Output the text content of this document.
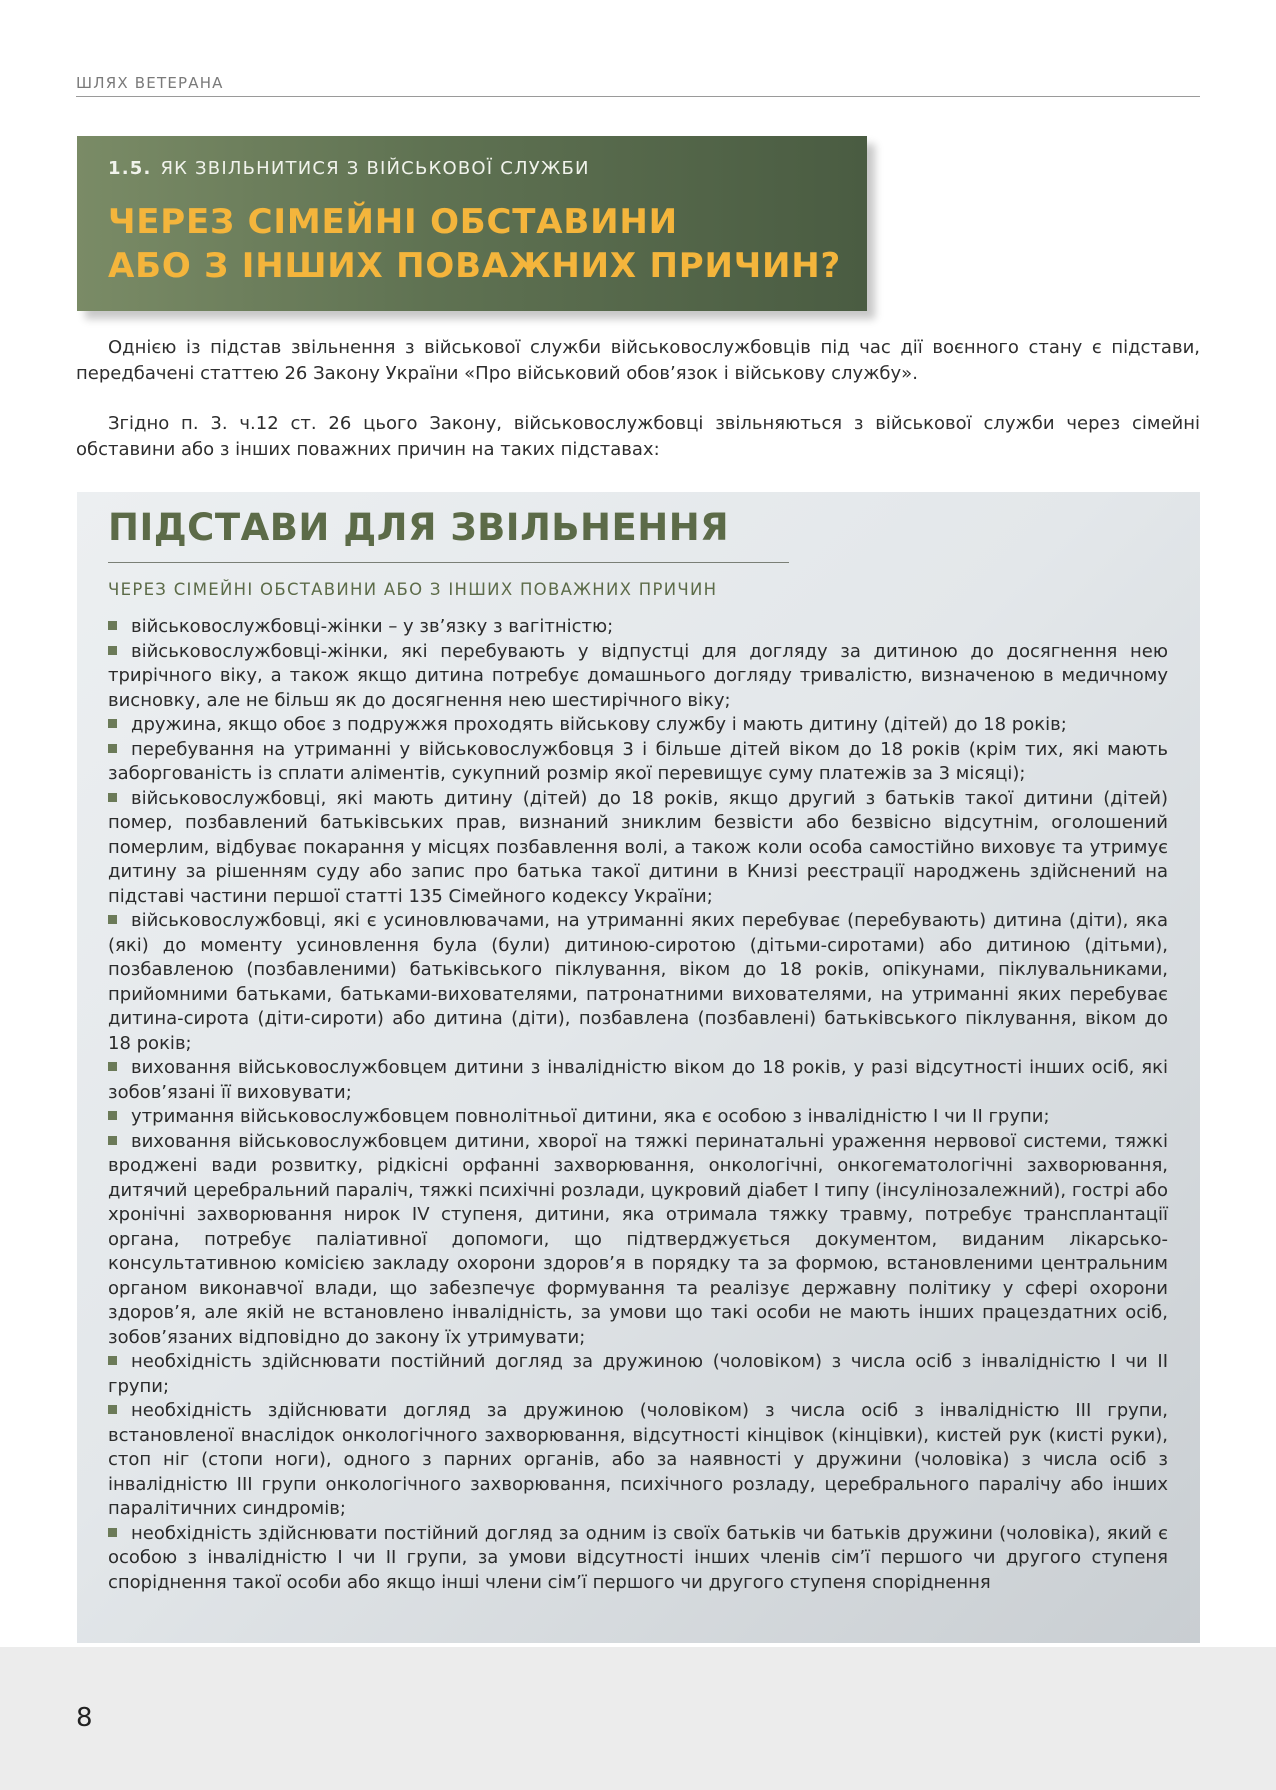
ШЛЯХ ВЕТЕРАНА
1.5. ЯК ЗВІЛЬНИТИСЯ З ВІЙСЬКОВОЇ СЛУЖБИ
ЧЕРЕЗ СІМЕЙНІ ОБСТАВИНИ
АБО З ІНШИХ ПОВАЖНИХ ПРИЧИН?

Однією із підстав звільнення з військової служби військовослужбовців під час дії воєнного стану є підстави, передбачені статтею 26 Закону України «Про військовий обов’язок і військову службу».

Згідно п. 3. ч.12 ст. 26 цього Закону, військовослужбовці звільняються з військової служби через сімейні обставини або з інших поважних причин на таких підставах:

ПІДСТАВИ ДЛЯ ЗВІЛЬНЕННЯ
ЧЕРЕЗ СІМЕЙНІ ОБСТАВИНИ АБО З ІНШИХ ПОВАЖНИХ ПРИЧИН
військовослужбовці-жінки – у зв’язку з вагітністю;
військовослужбовці-жінки, які перебувають у відпустці для догляду за дитиною до досягнення нею трирічного віку, а також якщо дитина потребує домашнього догляду тривалістю, визначеною в медичному висновку, але не більш як до досягнення нею шестирічного віку;
дружина, якщо обоє з подружжя проходять військову службу і мають дитину (дітей) до 18 років;
перебування на утриманні у військовослужбовця 3 і більше дітей віком до 18 років (крім тих, які мають заборгованість із сплати аліментів, сукупний розмір якої перевищує суму платежів за 3 місяці);
військовослужбовці, які мають дитину (дітей) до 18 років, якщо другий з батьків такої дитини (дітей) помер, позбавлений батьківських прав, визнаний зниклим безвісти або безвісно відсутнім, оголошений померлим, відбуває покарання у місцях позбавлення волі, а також коли особа самостійно виховує та утримує дитину за рішенням суду або запис про батька такої дитини в Книзі реєстрації народжень здійснений на підставі частини першої статті 135 Сімейного кодексу України;
військовослужбовці, які є усиновлювачами, на утриманні яких перебуває (перебувають) дитина (діти), яка (які) до моменту усиновлення була (були) дитиною-сиротою (дітьми-сиротами) або дитиною (дітьми), позбавленою (позбавленими) батьківського піклування, віком до 18 років, опікунами, піклувальниками, прийомними батьками, батьками-вихователями, патронатними вихователями, на утриманні яких перебуває дитина-сирота (діти-сироти) або дитина (діти), позбавлена (позбавлені) батьківського піклування, віком до 18 років;
виховання військовослужбовцем дитини з інвалідністю віком до 18 років, у разі відсутності інших осіб, які зобов’язані її виховувати;
утримання військовослужбовцем повнолітньої дитини, яка є особою з інвалідністю I чи II групи;
виховання військовослужбовцем дитини, хворої на тяжкі перинатальні ураження нервової системи, тяжкі вроджені вади розвитку, рідкісні орфанні захворювання, онкологічні, онкогематологічні захворювання, дитячий церебральний параліч, тяжкі психічні розлади, цукровий діабет I типу (інсулінозалежний), гострі або хронічні захворювання нирок IV ступеня, дитини, яка отримала тяжку травму, потребує трансплантації органа, потребує паліативної допомоги, що підтверджується документом, виданим лікарсько-консультативною комісією закладу охорони здоров’я в порядку та за формою, встановленими центральним органом виконавчої влади, що забезпечує формування та реалізує державну політику у сфері охорони здоров’я, але якій не встановлено інвалідність, за умови що такі особи не мають інших працездатних осіб, зобов’язаних відповідно до закону їх утримувати;
необхідність здійснювати постійний догляд за дружиною (чоловіком) з числа осіб з інвалідністю I чи II групи;
необхідність здійснювати догляд за дружиною (чоловіком) з числа осіб з інвалідністю III групи, встановленої внаслідок онкологічного захворювання, відсутності кінцівок (кінцівки), кистей рук (кисті руки), стоп ніг (стопи ноги), одного з парних органів, або за наявності у дружини (чоловіка) з числа осіб з інвалідністю III групи онкологічного захворювання, психічного розладу, церебрального паралічу або інших паралітичних синдромів;
необхідність здійснювати постійний догляд за одним із своїх батьків чи батьків дружини (чоловіка), який є особою з інвалідністю I чи II групи, за умови відсутності інших членів сім’ї першого чи другого ступеня споріднення такої особи або якщо інші члени сім’ї першого чи другого ступеня споріднення
8
